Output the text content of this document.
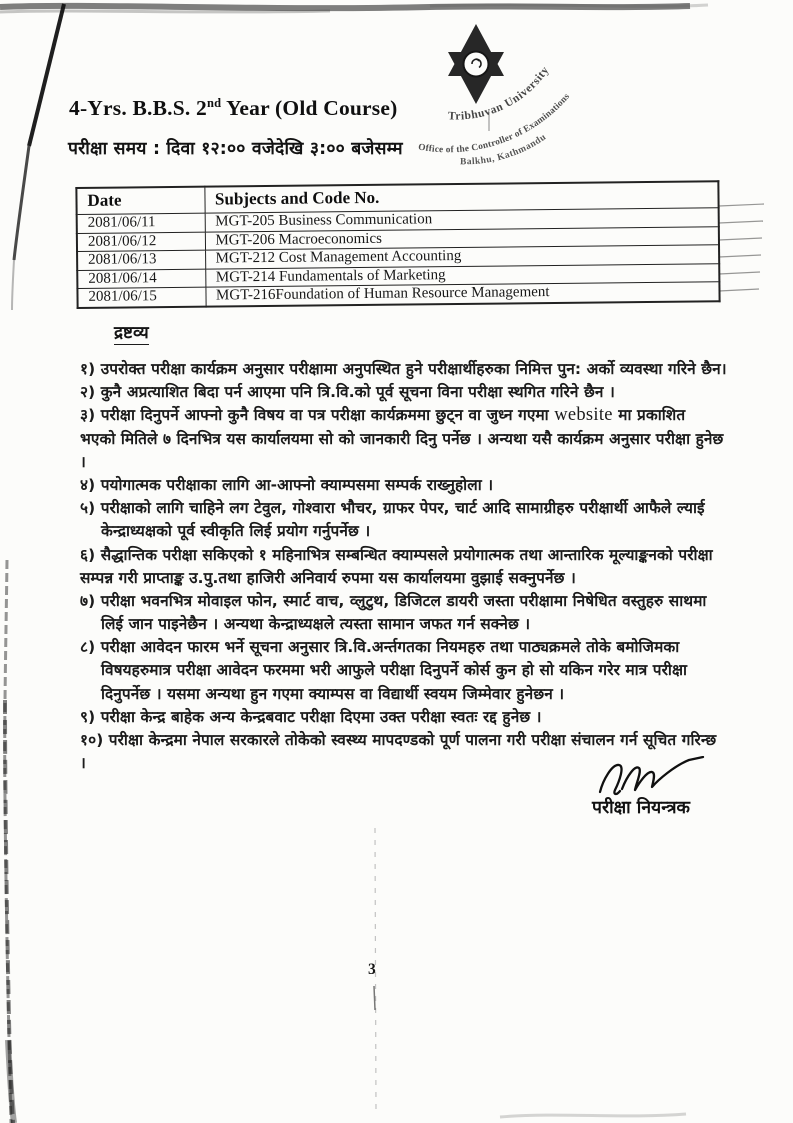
4-Yrs. B.B.S. 2nd Year (Old Course)	Tribhuvan University
Office of the Controller of Examinations
Balkhu, Kathmandu
परीक्षा समय : दिवा १२:०० वजेदेखि ३:०० बजेसम्म
Date	Subjects and Code No.
2081/06/11	MGT-205 Business Communication
2081/06/12	MGT-206 Macroeconomics
2081/06/13	MGT-212 Cost Management Accounting
2081/06/14	MGT-214 Fundamentals of Marketing
2081/06/15	MGT-216Foundation of Human Resource Management
द्रष्टव्य
१) उपरोक्त परीक्षा कार्यक्रम अनुसार परीक्षामा अनुपस्थित हुने परीक्षार्थीहरुका निमित्त पुन: अर्को व्यवस्था गरिने छैन।
२) कुनै अप्रत्याशित बिदा पर्न आएमा पनि त्रि.वि.को पूर्व सूचना विना परीक्षा स्थगित गरिने छैन ।
३) परीक्षा दिनुपर्ने आफ्नो कुनै विषय वा पत्र परीक्षा कार्यक्रममा छुट्न वा जुध्न गएमा website मा प्रकाशित
भएको मितिले ७ दिनभित्र यस कार्यालयमा सो को जानकारी दिनु पर्नेछ । अन्यथा यसै कार्यक्रम अनुसार परीक्षा हुनेछ
।
४) पयोगात्मक परीक्षाका लागि आ-आफ्नो क्याम्पसमा सम्पर्क राख्नुहोला ।
५) परीक्षाको लागि चाहिने लग टेवुल, गोश्वारा भौचर, ग्राफर पेपर, चार्ट आदि सामाग्रीहरु परीक्षार्थी आफैले ल्याई
केन्द्राध्यक्षको पूर्व स्वीकृति लिई प्रयोग गर्नुपर्नेछ ।
६) सैद्धान्तिक परीक्षा सकिएको १ महिनाभित्र सम्बन्धित क्याम्पसले प्रयोगात्मक तथा आन्तारिक मूल्याङ्कनको परीक्षा
सम्पन्न गरी प्राप्ताङ्क उ.पु.तथा हाजिरी अनिवार्य रुपमा यस कार्यालयमा वुझाई सक्नुपर्नेछ ।
७) परीक्षा भवनभित्र मोवाइल फोन, स्मार्ट वाच, व्लुटुथ, डिजिटल डायरी जस्ता परीक्षामा निषेधित वस्तुहरु साथमा
लिई जान पाइनेछैन । अन्यथा केन्द्राध्यक्षले त्यस्ता सामान जफत गर्न सक्नेछ ।
८) परीक्षा आवेदन फारम भर्ने सूचना अनुसार त्रि.वि.अर्न्तगतका नियमहरु तथा पाठ्यक्रमले तोके बमोजिमका
विषयहरुमात्र परीक्षा आवेदन फरममा भरी आफुले परीक्षा दिनुपर्ने कोर्स कुन हो सो यकिन गरेर मात्र परीक्षा
दिनुपर्नेछ । यसमा अन्यथा हुन गएमा क्याम्पस वा विद्यार्थी स्वयम जिम्मेवार हुनेछन ।
९) परीक्षा केन्द्र बाहेक अन्य केन्द्रबवाट परीक्षा दिएमा उक्त परीक्षा स्वतः रद्द हुनेछ ।
१०) परीक्षा केन्द्रमा नेपाल सरकारले तोकेको स्वस्थ्य मापदण्डको पूर्ण पालना गरी परीक्षा संचालन गर्न सूचित गरिन्छ
।
परीक्षा नियन्त्रक
3
